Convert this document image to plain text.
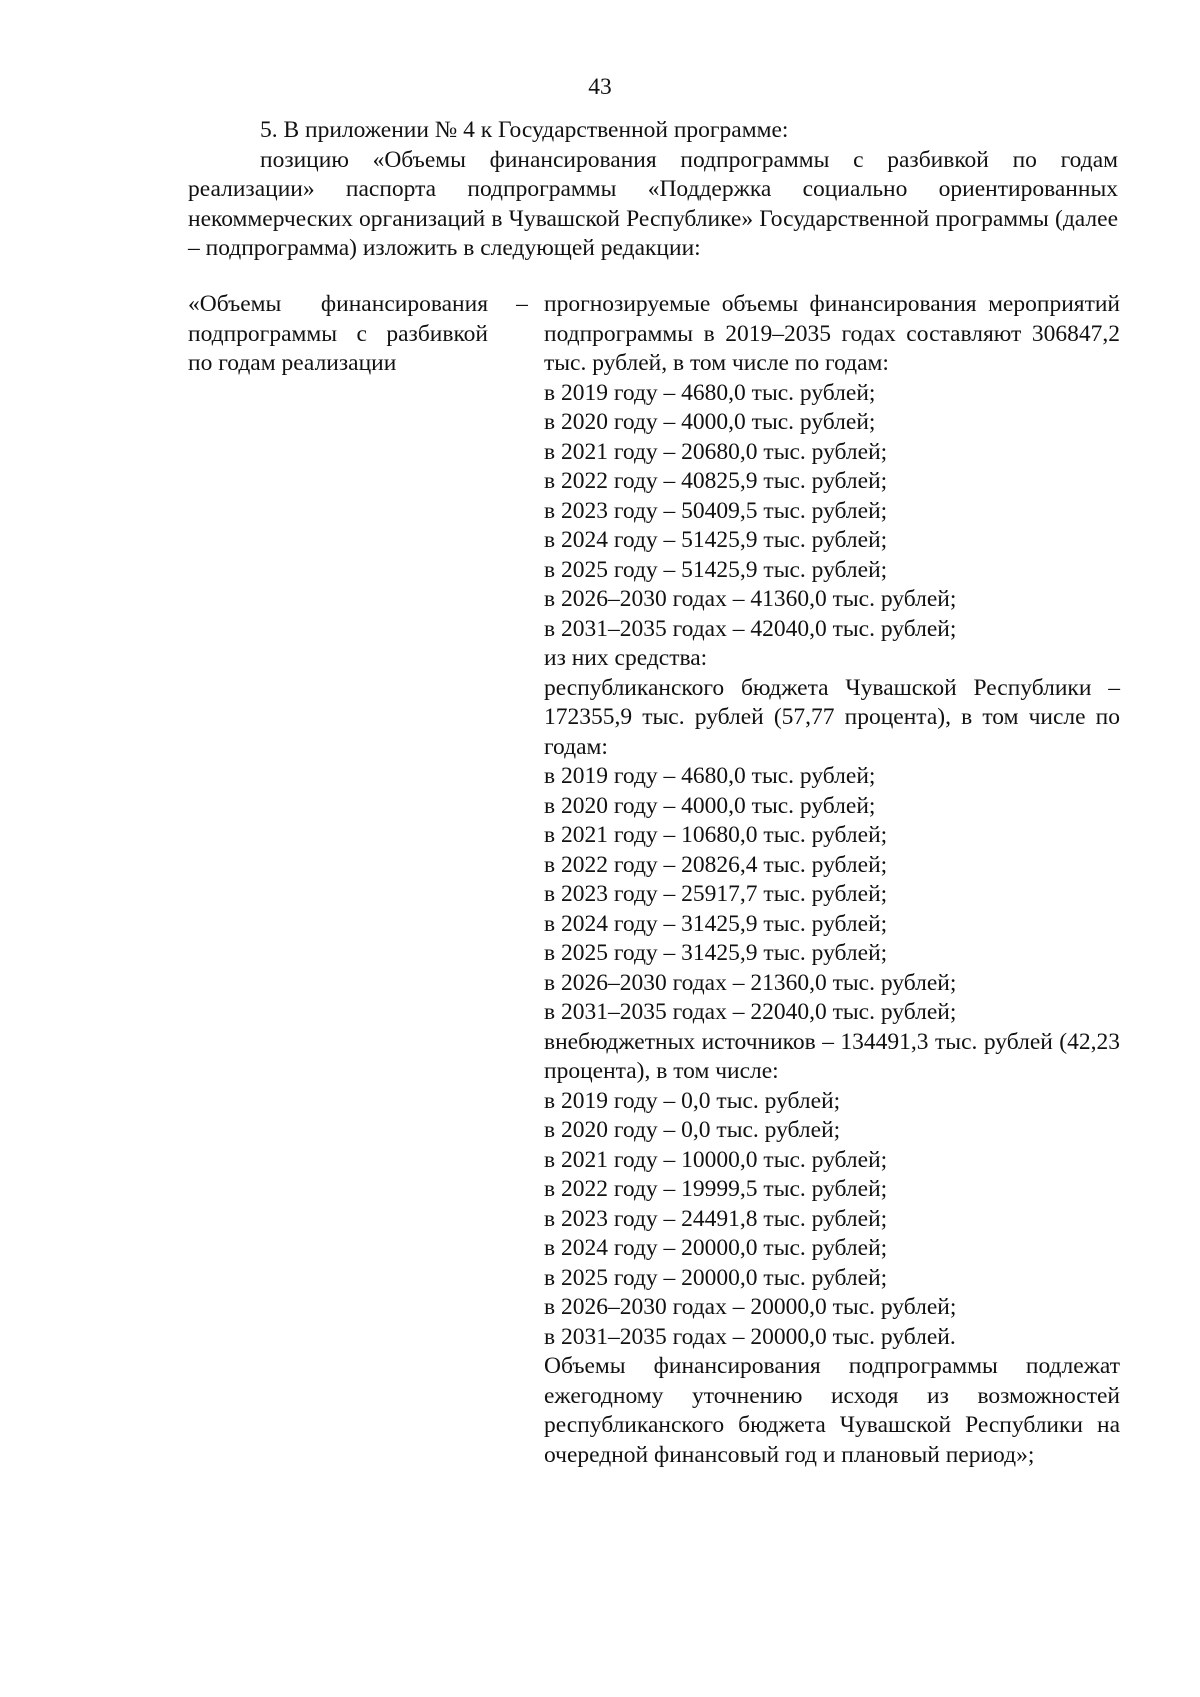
43

5. В приложении № 4 к Государственной программе:

позицию «Объемы финансирования подпрограммы с разбивкой по годам реализации» паспорта подпрограммы «Поддержка социально ориентированных некоммерческих организаций в Чувашской Республике» Государственной программы (далее – подпрограмма) изложить в следующей редакции:

«Объемы финансирования подпрограммы с разбивкой по годам реализации	–	прогнозируемые объемы финансирования мероприятий подпрограммы в 2019–2035 годах составляют 306847,2 тыс. рублей, в том числе по годам:

в 2019 году – 4680,0 тыс. рублей;
в 2020 году – 4000,0 тыс. рублей;
в 2021 году – 20680,0 тыс. рублей;
в 2022 году – 40825,9 тыс. рублей;
в 2023 году – 50409,5 тыс. рублей;
в 2024 году – 51425,9 тыс. рублей;
в 2025 году – 51425,9 тыс. рублей;
в 2026–2030 годах – 41360,0 тыс. рублей;
в 2031–2035 годах – 42040,0 тыс. рублей;

из них средства:

республиканского бюджета Чувашской Республики – 172355,9 тыс. рублей (57,77 процента), в том числе по годам:

в 2019 году – 4680,0 тыс. рублей;
в 2020 году – 4000,0 тыс. рублей;
в 2021 году – 10680,0 тыс. рублей;
в 2022 году – 20826,4 тыс. рублей;
в 2023 году – 25917,7 тыс. рублей;
в 2024 году – 31425,9 тыс. рублей;
в 2025 году – 31425,9 тыс. рублей;
в 2026–2030 годах – 21360,0 тыс. рублей;
в 2031–2035 годах – 22040,0 тыс. рублей;

внебюджетных источников – 134491,3 тыс. рублей (42,23 процента), в том числе:

в 2019 году – 0,0 тыс. рублей;
в 2020 году – 0,0 тыс. рублей;
в 2021 году – 10000,0 тыс. рублей;
в 2022 году – 19999,5 тыс. рублей;
в 2023 году – 24491,8 тыс. рублей;
в 2024 году – 20000,0 тыс. рублей;
в 2025 году – 20000,0 тыс. рублей;
в 2026–2030 годах – 20000,0 тыс. рублей;
в 2031–2035 годах – 20000,0 тыс. рублей.

Объемы финансирования подпрограммы подлежат ежегодному уточнению исходя из возможностей республиканского бюджета Чувашской Республики на очередной финансовый год и плановый период»;
